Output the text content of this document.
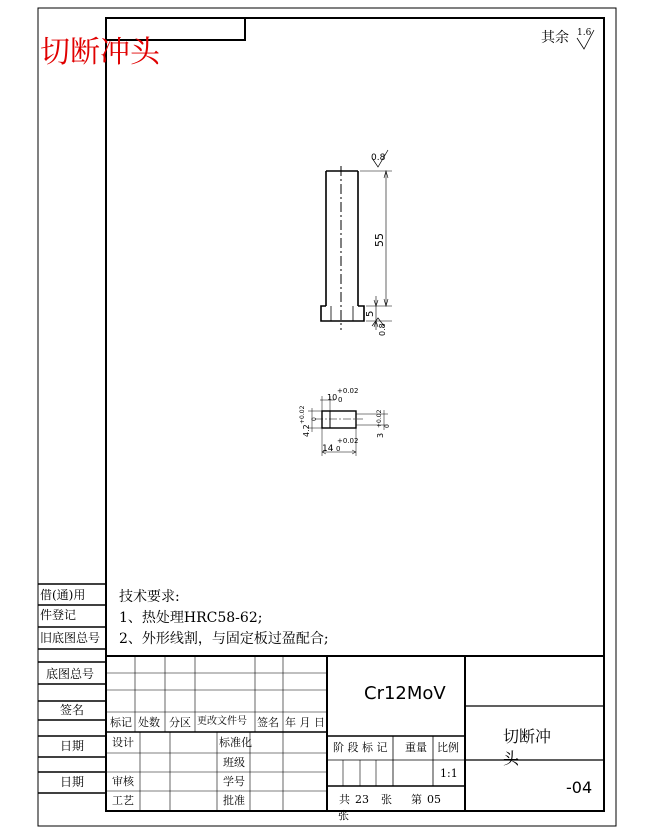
0.8
55
5
0.8
10
+0.02
0
4.2
+0.02 0
3
+0.02 0
14
+0.02
0
切断冲头	其余 1.6
技术要求:
1、热处理HRC58-62;
2、外形线割，与固定板过盈配合;
借(通)用
件登记
旧底图总号
底图总号
签名
日期
日期
Cr12MoV
切断冲头
-04
标记 处数 分区 更改文件号 签名 年 月 日
设计
审核
工艺
标准化
班级
学号
批准
阶 段 标 记 重量 比例
1:1
共 23 张 第 05
张
